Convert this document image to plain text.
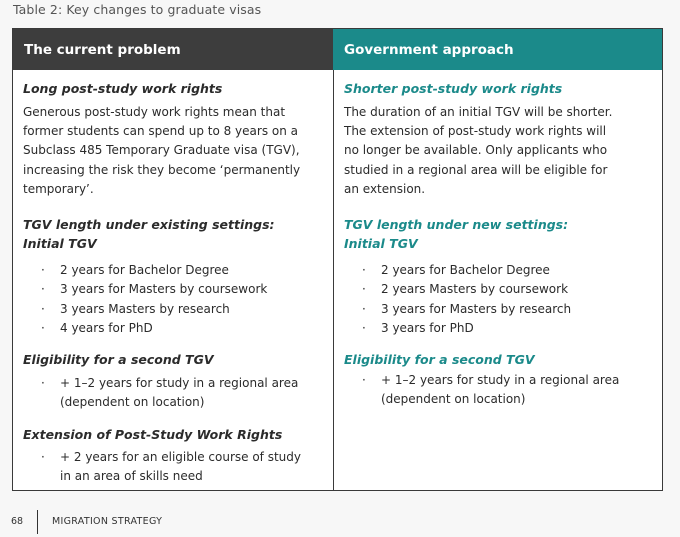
Table 2: Key changes to graduate visas
The current problem	Government approach
Long post-study work rights
Generous post-study work rights mean that
former students can spend up to 8 years on a
Subclass 485 Temporary Graduate visa (TGV),
increasing the risk they become ‘permanently
temporary’.
TGV length under existing settings:
Initial TGV
· 2 years for Bachelor Degree
· 3 years for Masters by coursework
· 3 years Masters by research
· 4 years for PhD
Eligibility for a second TGV
· + 1–2 years for study in a regional area
(dependent on location)
Extension of Post-Study Work Rights
· + 2 years for an eligible course of study
in an area of skills need
Shorter post-study work rights
The duration of an initial TGV will be shorter.
The extension of post-study work rights will
no longer be available. Only applicants who
studied in a regional area will be eligible for
an extension.
TGV length under new settings:
Initial TGV
· 2 years for Bachelor Degree
· 2 years Masters by coursework
· 3 years for Masters by research
· 3 years for PhD
Eligibility for a second TGV
· + 1–2 years for study in a regional area
(dependent on location)
68	MIGRATION STRATEGY
